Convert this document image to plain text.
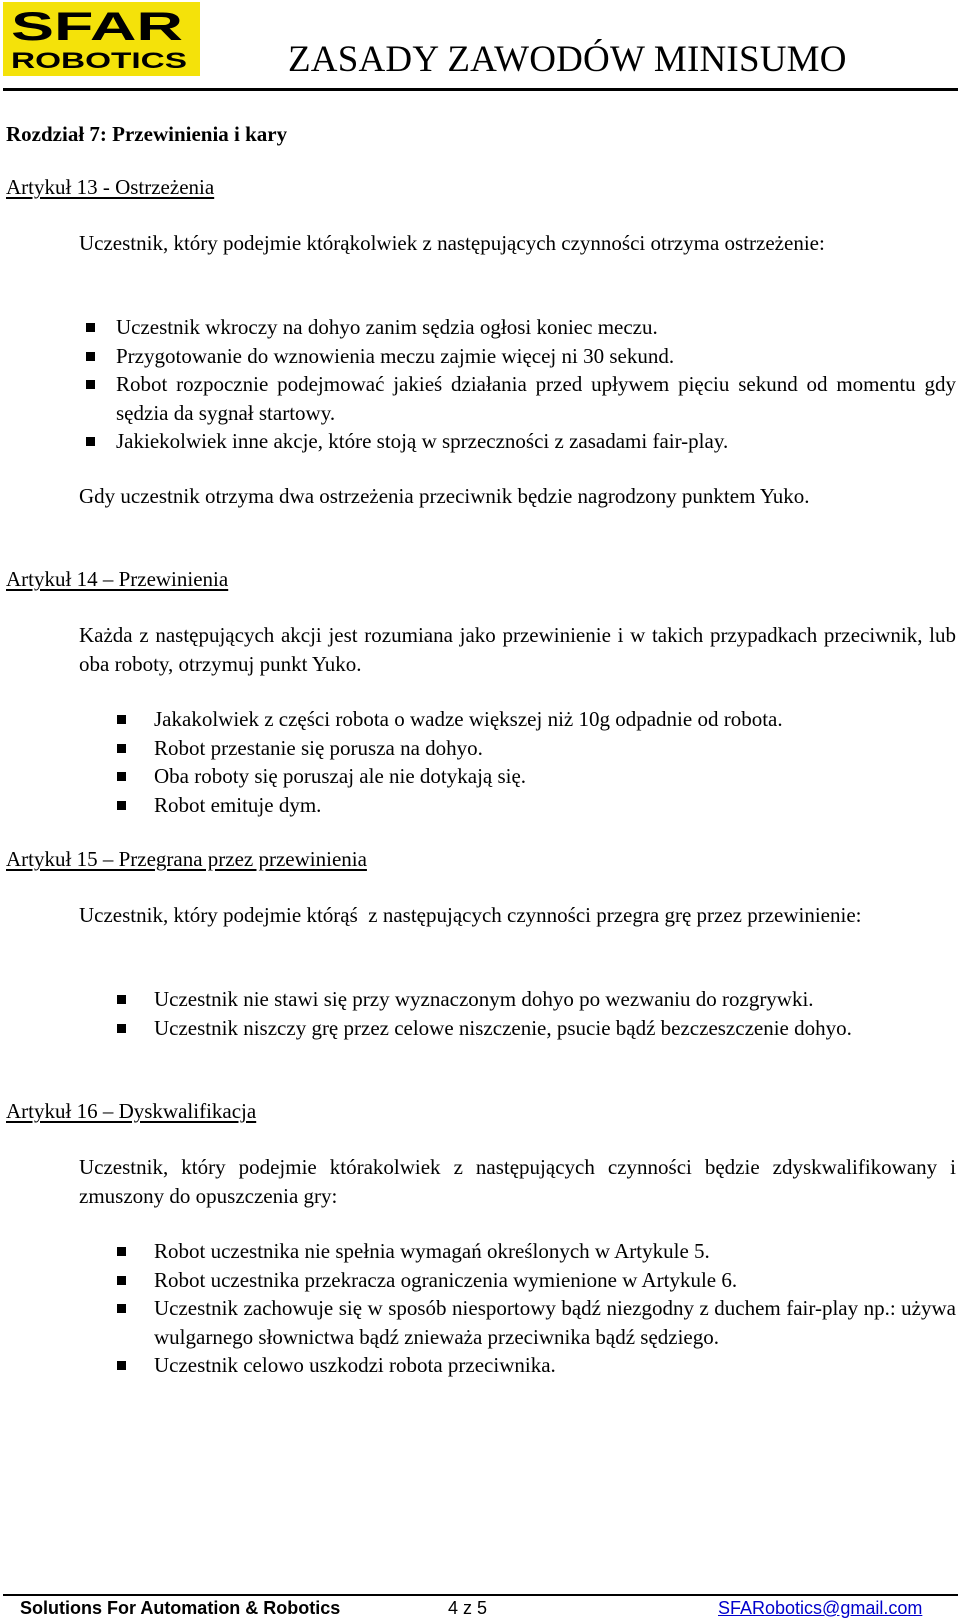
SFAR
ROBOTICS	ZASADY ZAWODÓW MINISUMO
Rozdział 7: Przewinienia i kary
Artykuł 13 - Ostrzeżenia

Uczestnik, który podejmie którąkolwiek z następujących czynności otrzyma ostrzeżenie:

Uczestnik wkroczy na dohyo zanim sędzia ogłosi koniec meczu.
Przygotowanie do wznowienia meczu zajmie więcej ni 30 sekund.
Robot rozpocznie podejmować jakieś działania przed upływem pięciu sekund od momentu gdy sędzia da sygnał startowy.
Jakiekolwiek inne akcje, które stoją w sprzeczności z zasadami fair-play.

Gdy uczestnik otrzyma dwa ostrzeżenia przeciwnik będzie nagrodzony punktem Yuko.

Artykuł 14 – Przewinienia

Każda z następujących akcji jest rozumiana jako przewinienie i w takich przypadkach przeciwnik, lub oba roboty, otrzymuj punkt Yuko.

Jakakolwiek z części robota o wadze większej niż 10g odpadnie od robota.
Robot przestanie się porusza na dohyo.
Oba roboty się poruszaj ale nie dotykają się.
Robot emituje dym.
Artykuł 15 – Przegrana przez przewinienia

Uczestnik, który podejmie którąś  z następujących czynności przegra grę przez przewinienie:

Uczestnik nie stawi się przy wyznaczonym dohyo po wezwaniu do rozgrywki.
Uczestnik niszczy grę przez celowe niszczenie, psucie bądź bezczeszczenie dohyo.
Artykuł 16 – Dyskwalifikacja

Uczestnik, który podejmie którakolwiek z następujących czynności będzie zdyskwalifikowany i zmuszony do opuszczenia gry:

Robot uczestnika nie spełnia wymagań określonych w Artykule 5.
Robot uczestnika przekracza ograniczenia wymienione w Artykule 6.
Uczestnik zachowuje się w sposób niesportowy bądź niezgodny z duchem fair-play np.: używa wulgarnego słownictwa bądź znieważa przeciwnika bądź sędziego.
Uczestnik celowo uszkodzi robota przeciwnika.
Solutions For Automation & Robotics	4 z 5	SFARobotics@gmail.com
